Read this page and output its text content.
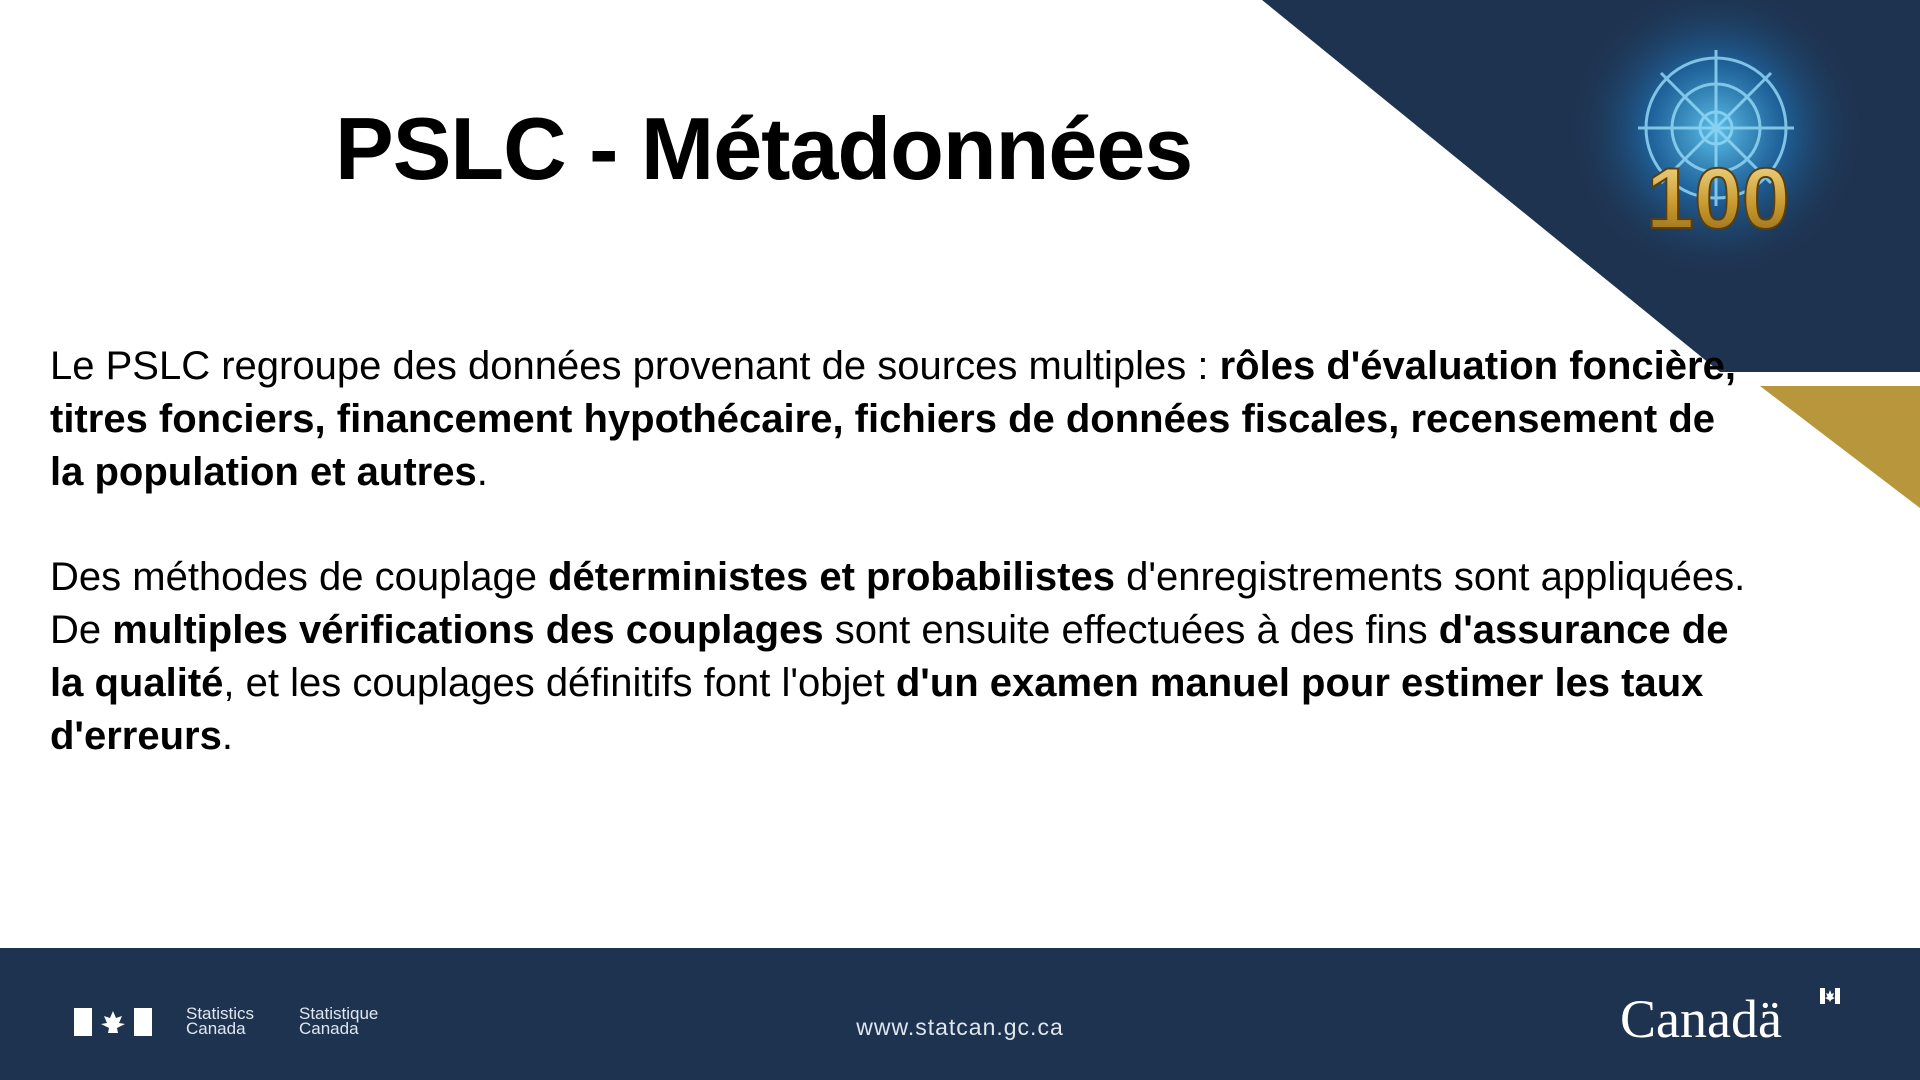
100
PSLC - Métadonnées

Le PSLC regroupe des données provenant de sources multiples : rôles d'évaluation foncière, titres fonciers, financement hypothécaire, fichiers de données fiscales, recensement de la population et autres.

Des méthodes de couplage déterministes et probabilistes d'enregistrements sont appliquées. De multiples vérifications des couplages sont ensuite effectuées à des fins d'assurance de la qualité, et les couplages définitifs font l'objet d'un examen manuel pour estimer les taux d'erreurs.

Statistics
Canada
Statistique
Canada	www.statcan.gc.ca	Canadä
